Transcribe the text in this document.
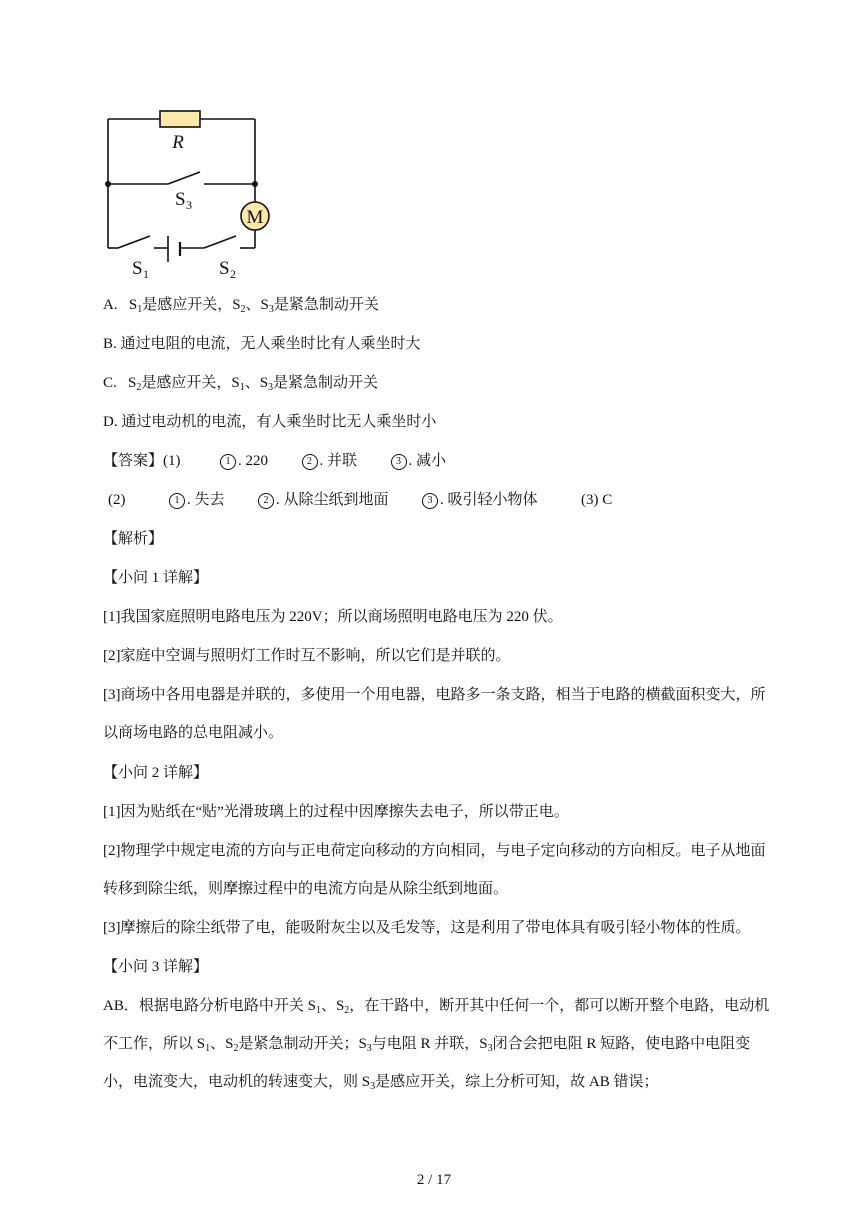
M
R
S 3
S 1	S 2
A. $S_1$是感应开关，$S_2$、$S_3$是紧急制动开关
B. 通过电阻的电流，无人乘坐时比有人乘坐时大
C. $S_2$是感应开关，$S_1$、$S_3$是紧急制动开关
D. 通过电动机的电流，有人乘坐时比无人乘坐时小
【答案】(1)	1 . 220	2 . 并联	3 . 减小
(2)	1 . 失去	2 . 从除尘纸到地面	3 . 吸引轻小物体	(3) C
【解析】
【小问 1 详解】
[1]我国家庭照明电路电压为 220V；所以商场照明电路电压为 220 伏。
[2]家庭中空调与照明灯工作时互不影响，所以它们是并联的。
[3]商场中各用电器是并联的，多使用一个用电器，电路多一条支路，相当于电路的横截面积变大，所以商场电路的总电阻减小。
【小问 2 详解】
[1]因为贴纸在“贴”光滑玻璃上的过程中因摩擦失去电子，所以带正电。
[2]物理学中规定电流的方向与正电荷定向移动的方向相同，与电子定向移动的方向相反。电子从地面转移到除尘纸，则摩擦过程中的电流方向是从除尘纸到地面。
[3]摩擦后的除尘纸带了电，能吸附灰尘以及毛发等，这是利用了带电体具有吸引轻小物体的性质。
【小问 3 详解】
AB．根据电路分析电路中开关 $S_1$、$S_2$，在干路中，断开其中任何一个，都可以断开整个电路，电动机不工作，所以 $S_1$、$S_2$是紧急制动开关；$S_3$与电阻 R 并联，$S_3$闭合会把电阻 R 短路，使电路中电阻变小，电流变大，电动机的转速变大，则 $S_3$是感应开关，综上分析可知，故 AB 错误；
2 / 17
